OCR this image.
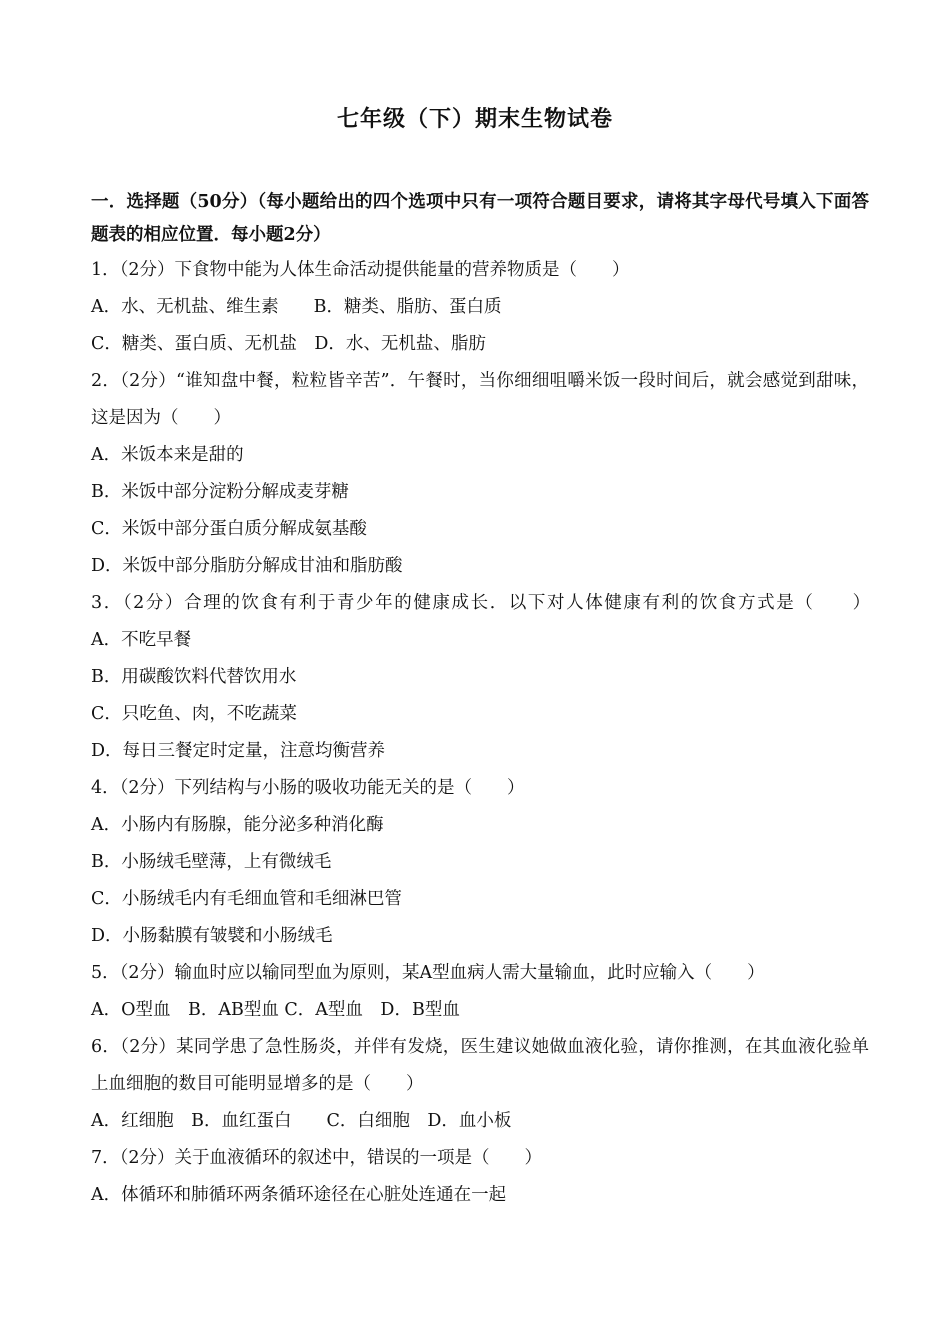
七年级（下）期末生物试卷

一．选择题（50分）（每小题给出的四个选项中只有一项符合题目要求，请将其字母代号填入下面答题表的相应位置．每小题2分）

1．（2分）下食物中能为人体生命活动提供能量的营养物质是（　　）

A．水、无机盐、维生素　　B．糖类、脂肪、蛋白质

C．糖类、蛋白质、无机盐　D．水、无机盐、脂肪

2．（2分）“谁知盘中餐，粒粒皆辛苦”．午餐时，当你细细咀嚼米饭一段时间后，就会感觉到甜味，这是因为（　　）

A．米饭本来是甜的

B．米饭中部分淀粉分解成麦芽糖

C．米饭中部分蛋白质分解成氨基酸

D．米饭中部分脂肪分解成甘油和脂肪酸

3．（2分）合理的饮食有利于青少年的健康成长．以下对人体健康有利的饮食方式是（　　）

A．不吃早餐

B．用碳酸饮料代替饮用水

C．只吃鱼、肉，不吃蔬菜

D．每日三餐定时定量，注意均衡营养

4．（2分）下列结构与小肠的吸收功能无关的是（　　）

A．小肠内有肠腺，能分泌多种消化酶

B．小肠绒毛壁薄，上有微绒毛

C．小肠绒毛内有毛细血管和毛细淋巴管

D．小肠黏膜有皱襞和小肠绒毛

5．（2分）输血时应以输同型血为原则，某A型血病人需大量输血，此时应输入（　　）

A．O型血　B．AB型血 C．A型血　D．B型血

6．（2分）某同学患了急性肠炎，并伴有发烧，医生建议她做血液化验，请你推测，在其血液化验单上血细胞的数目可能明显增多的是（　　）

A．红细胞　B．血红蛋白　　C．白细胞　D．血小板

7．（2分）关于血液循环的叙述中，错误的一项是（　　）

A．体循环和肺循环两条循环途径在心脏处连通在一起
